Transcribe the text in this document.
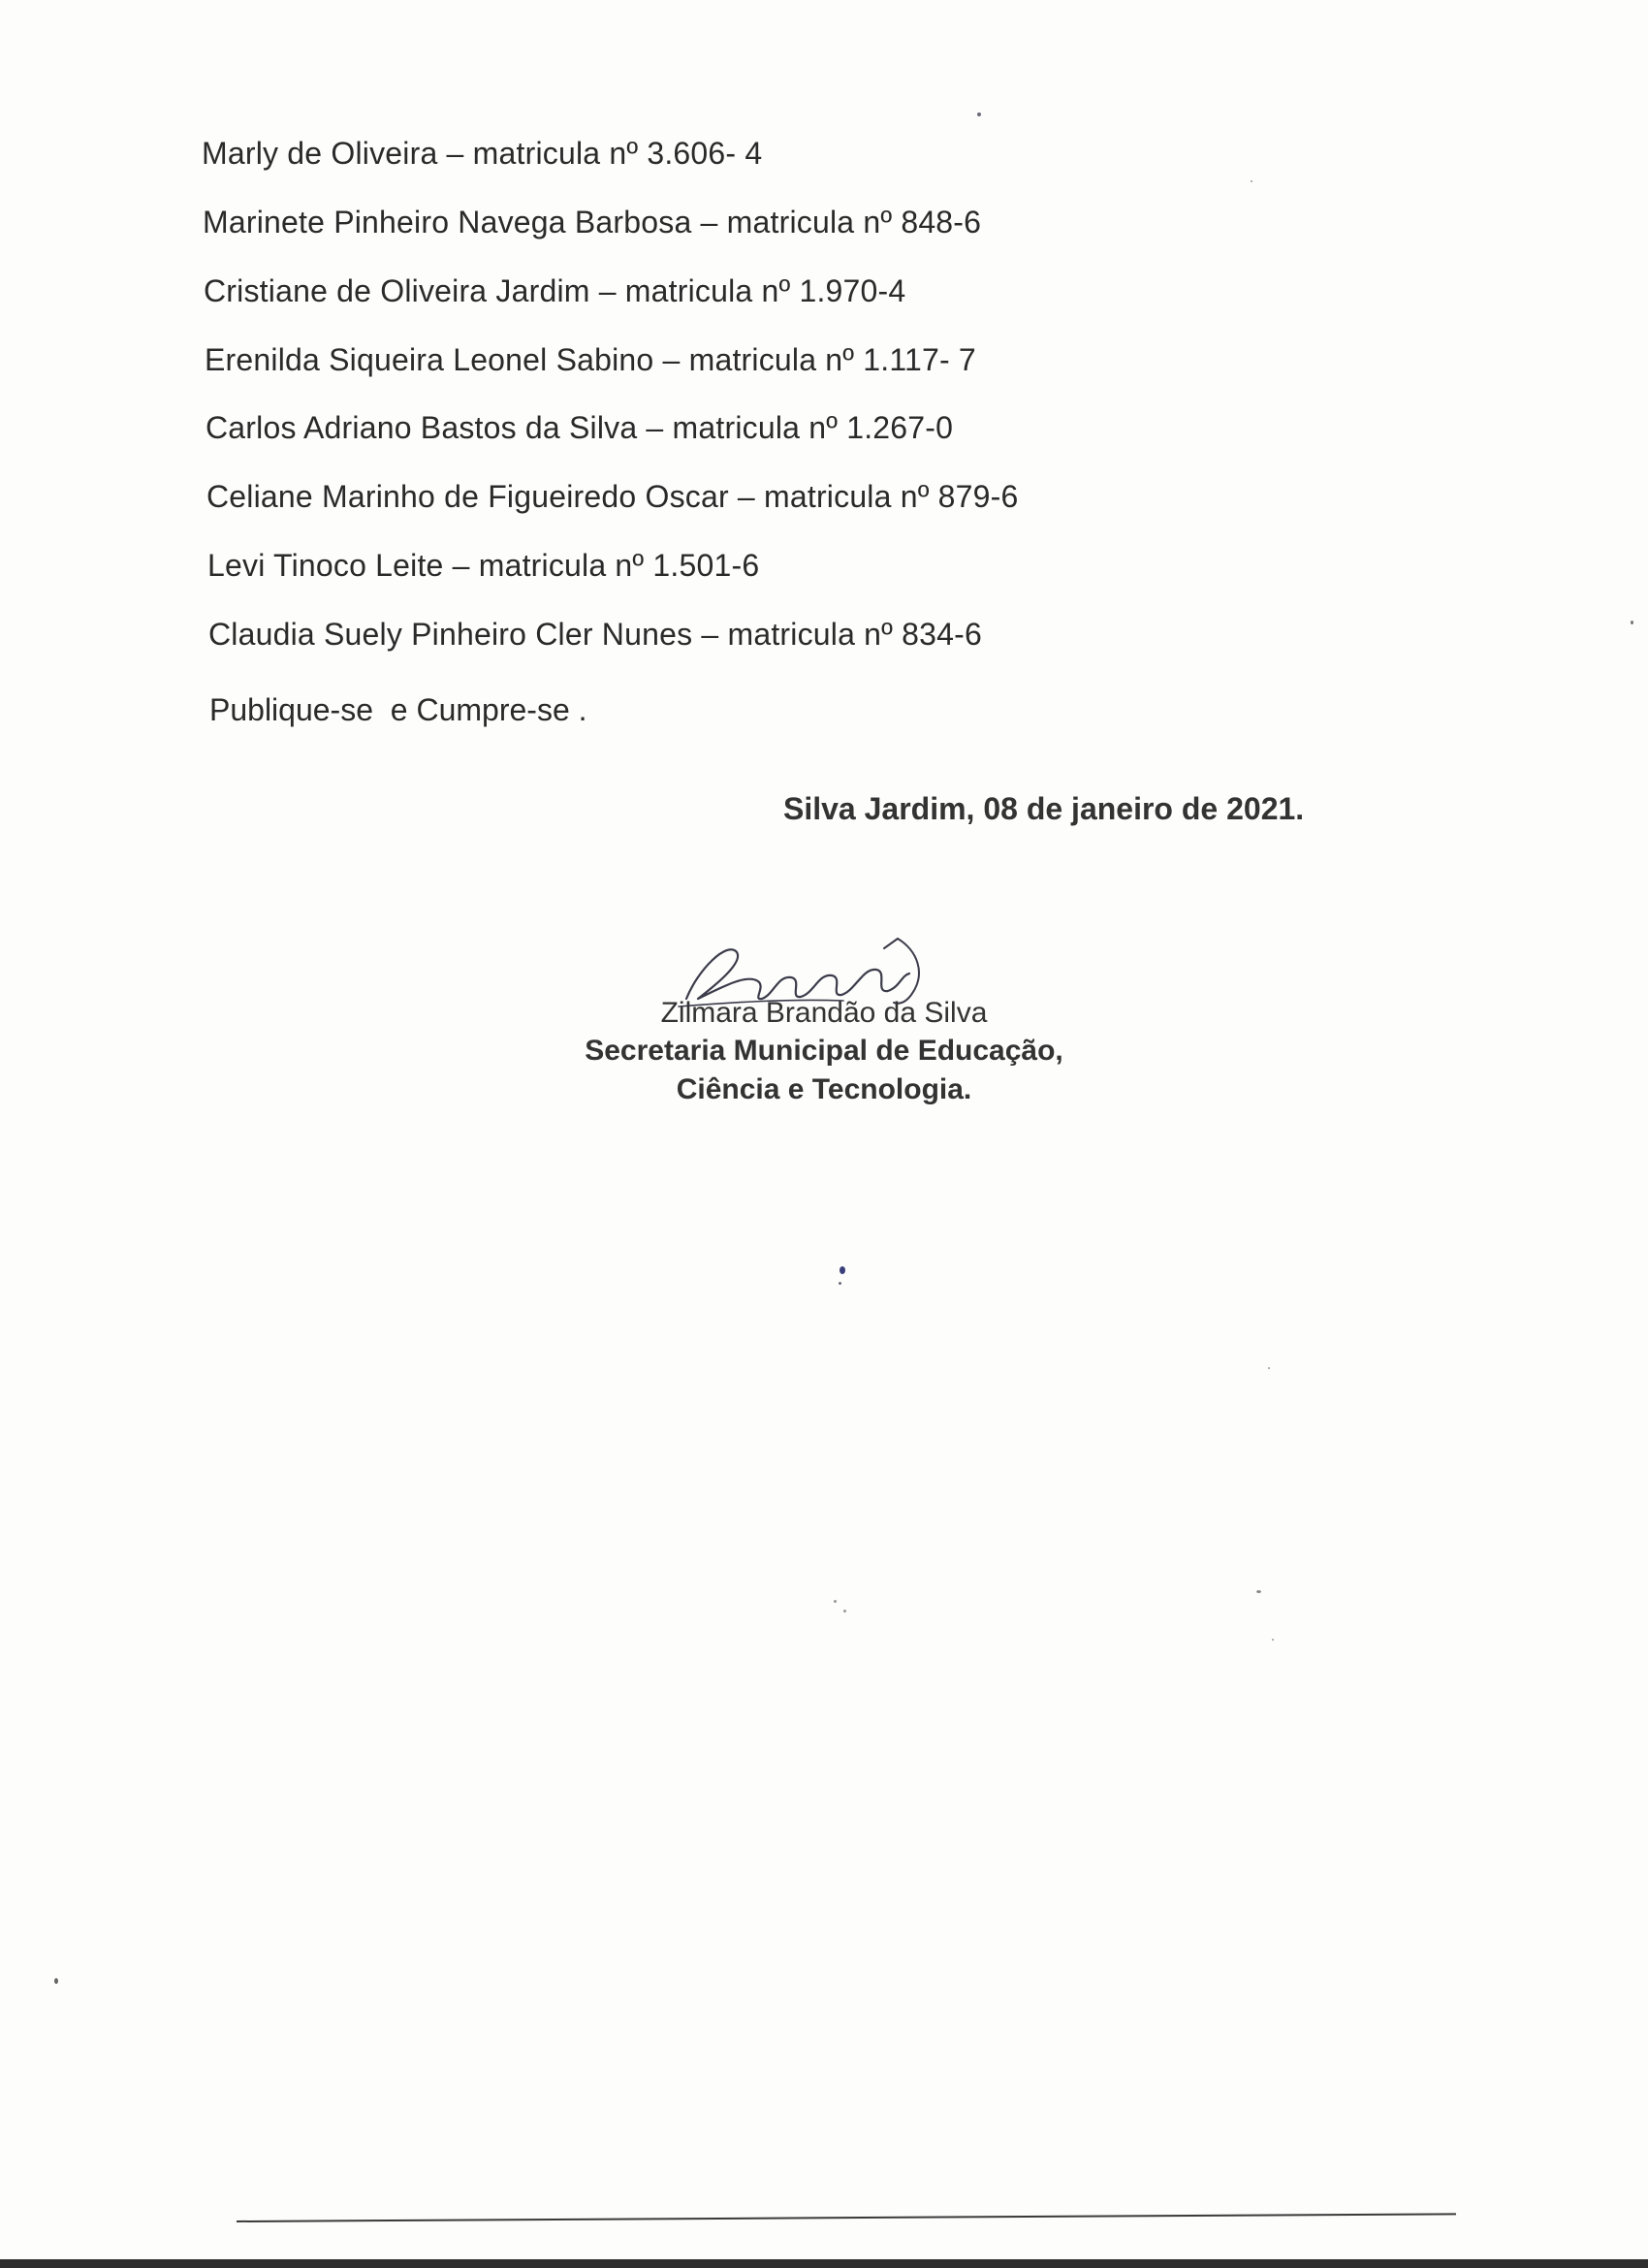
Marly de Oliveira – matricula nº 3.606- 4
Marinete Pinheiro Navega Barbosa – matricula nº 848-6
Cristiane de Oliveira Jardim – matricula nº 1.970-4
Erenilda Siqueira Leonel Sabino – matricula nº 1.117- 7
Carlos Adriano Bastos da Silva – matricula nº 1.267-0
Celiane Marinho de Figueiredo Oscar – matricula nº 879-6
Levi Tinoco Leite – matricula nº 1.501-6
Claudia Suely Pinheiro Cler Nunes – matricula nº 834-6
Publique-se  e Cumpre-se .
Silva Jardim, 08 de janeiro de 2021.
Zilmara Brandão da Silva
Secretaria Municipal de Educação,
Ciência e Tecnologia.
